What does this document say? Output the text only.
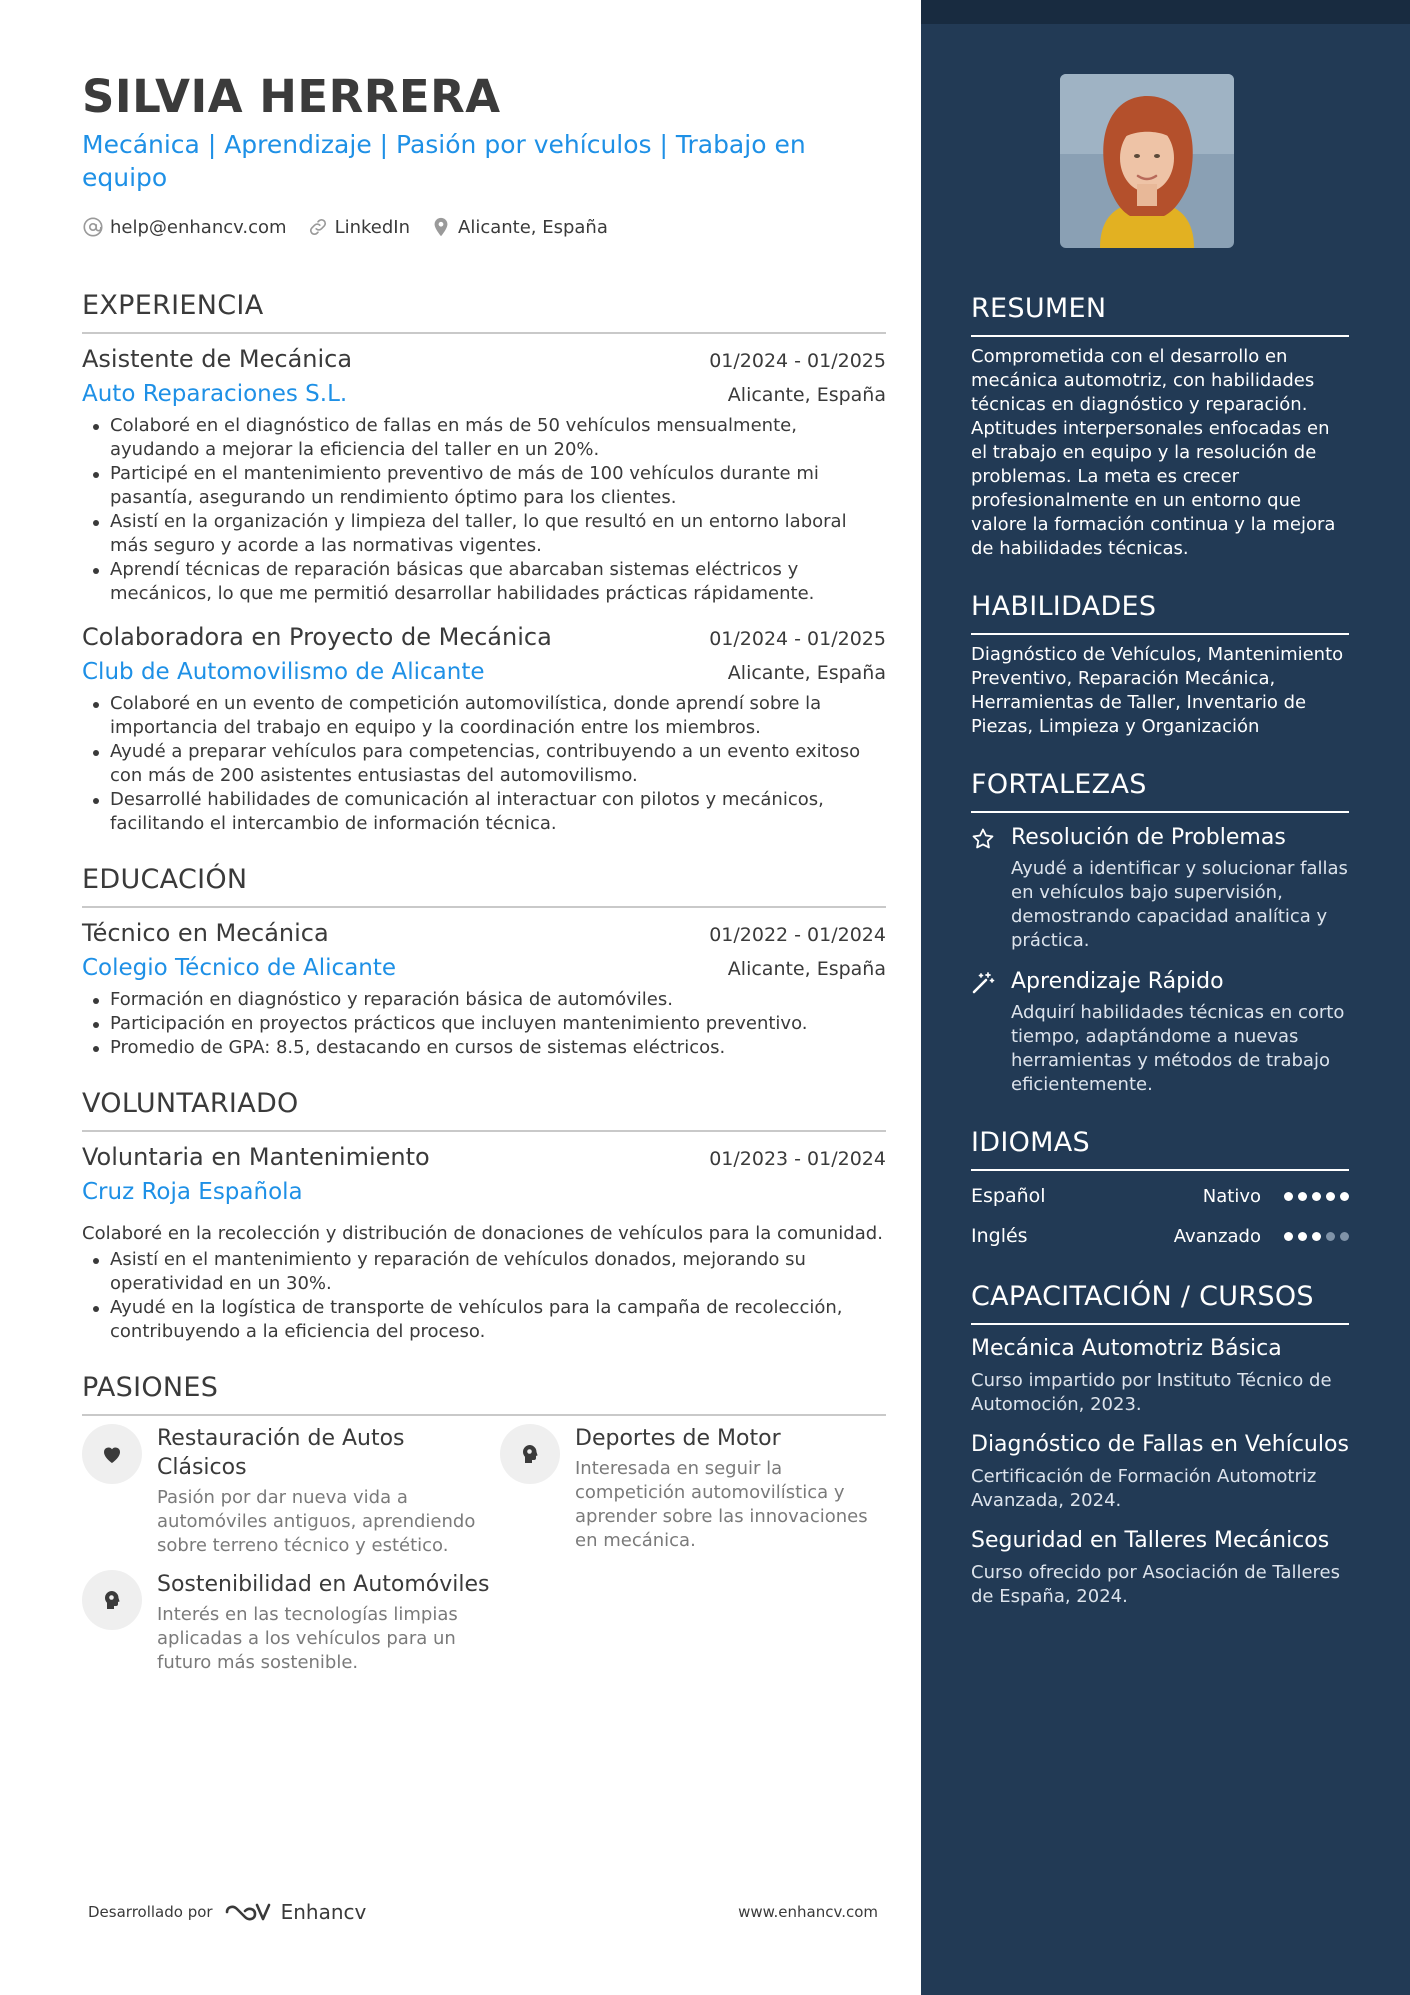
SILVIA HERRERA
Mecánica | Aprendizaje | Pasión por vehículos | Trabajo en equipo
help@enhancv.com	LinkedIn	Alicante, España
EXPERIENCIA
Asistente de Mecánica	01/2024 - 01/2025
Auto Reparaciones S.L.	Alicante, España
Colaboré en el diagnóstico de fallas en más de 50 vehículos mensualmente, ayudando a mejorar la eficiencia del taller en un 20%.
Participé en el mantenimiento preventivo de más de 100 vehículos durante mi pasantía, asegurando un rendimiento óptimo para los clientes.
Asistí en la organización y limpieza del taller, lo que resultó en un entorno laboral más seguro y acorde a las normativas vigentes.
Aprendí técnicas de reparación básicas que abarcaban sistemas eléctricos y mecánicos, lo que me permitió desarrollar habilidades prácticas rápidamente.
Colaboradora en Proyecto de Mecánica	01/2024 - 01/2025
Club de Automovilismo de Alicante	Alicante, España
Colaboré en un evento de competición automovilística, donde aprendí sobre la importancia del trabajo en equipo y la coordinación entre los miembros.
Ayudé a preparar vehículos para competencias, contribuyendo a un evento exitoso con más de 200 asistentes entusiastas del automovilismo.
Desarrollé habilidades de comunicación al interactuar con pilotos y mecánicos, facilitando el intercambio de información técnica.
EDUCACIÓN
Técnico en Mecánica	01/2022 - 01/2024
Colegio Técnico de Alicante	Alicante, España
Formación en diagnóstico y reparación básica de automóviles.
Participación en proyectos prácticos que incluyen mantenimiento preventivo.
Promedio de GPA: 8.5, destacando en cursos de sistemas eléctricos.
VOLUNTARIADO
Voluntaria en Mantenimiento	01/2023 - 01/2024
Cruz Roja Española
Colaboré en la recolección y distribución de donaciones de vehículos para la comunidad.
Asistí en el mantenimiento y reparación de vehículos donados, mejorando su operatividad en un 30%.
Ayudé en la logística de transporte de vehículos para la campaña de recolección, contribuyendo a la eficiencia del proceso.
PASIONES
Restauración de Autos Clásicos
Pasión por dar nueva vida a automóviles antiguos, aprendiendo sobre terreno técnico y estético.
Deportes de Motor
Interesada en seguir la competición automovilística y aprender sobre las innovaciones en mecánica.
Sostenibilidad en Automóviles
Interés en las tecnologías limpias aplicadas a los vehículos para un futuro más sostenible.
Desarrollado por	Enhancv	www.enhancv.com
RESUMEN
Comprometida con el desarrollo en mecánica automotriz, con habilidades técnicas en diagnóstico y reparación. Aptitudes interpersonales enfocadas en el trabajo en equipo y la resolución de problemas. La meta es crecer profesionalmente en un entorno que valore la formación continua y la mejora de habilidades técnicas.
HABILIDADES
Diagnóstico de Vehículos, Mantenimiento Preventivo, Reparación Mecánica, Herramientas de Taller, Inventario de Piezas, Limpieza y Organización
FORTALEZAS
Resolución de Problemas
Ayudé a identificar y solucionar fallas en vehículos bajo supervisión, demostrando capacidad analítica y práctica.
Aprendizaje Rápido
Adquirí habilidades técnicas en corto tiempo, adaptándome a nuevas herramientas y métodos de trabajo eficientemente.
IDIOMAS
Español	Nativo
Inglés	Avanzado
CAPACITACIÓN / CURSOS
Mecánica Automotriz Básica
Curso impartido por Instituto Técnico de Automoción, 2023.
Diagnóstico de Fallas en Vehículos
Certificación de Formación Automotriz Avanzada, 2024.
Seguridad en Talleres Mecánicos
Curso ofrecido por Asociación de Talleres de España, 2024.
